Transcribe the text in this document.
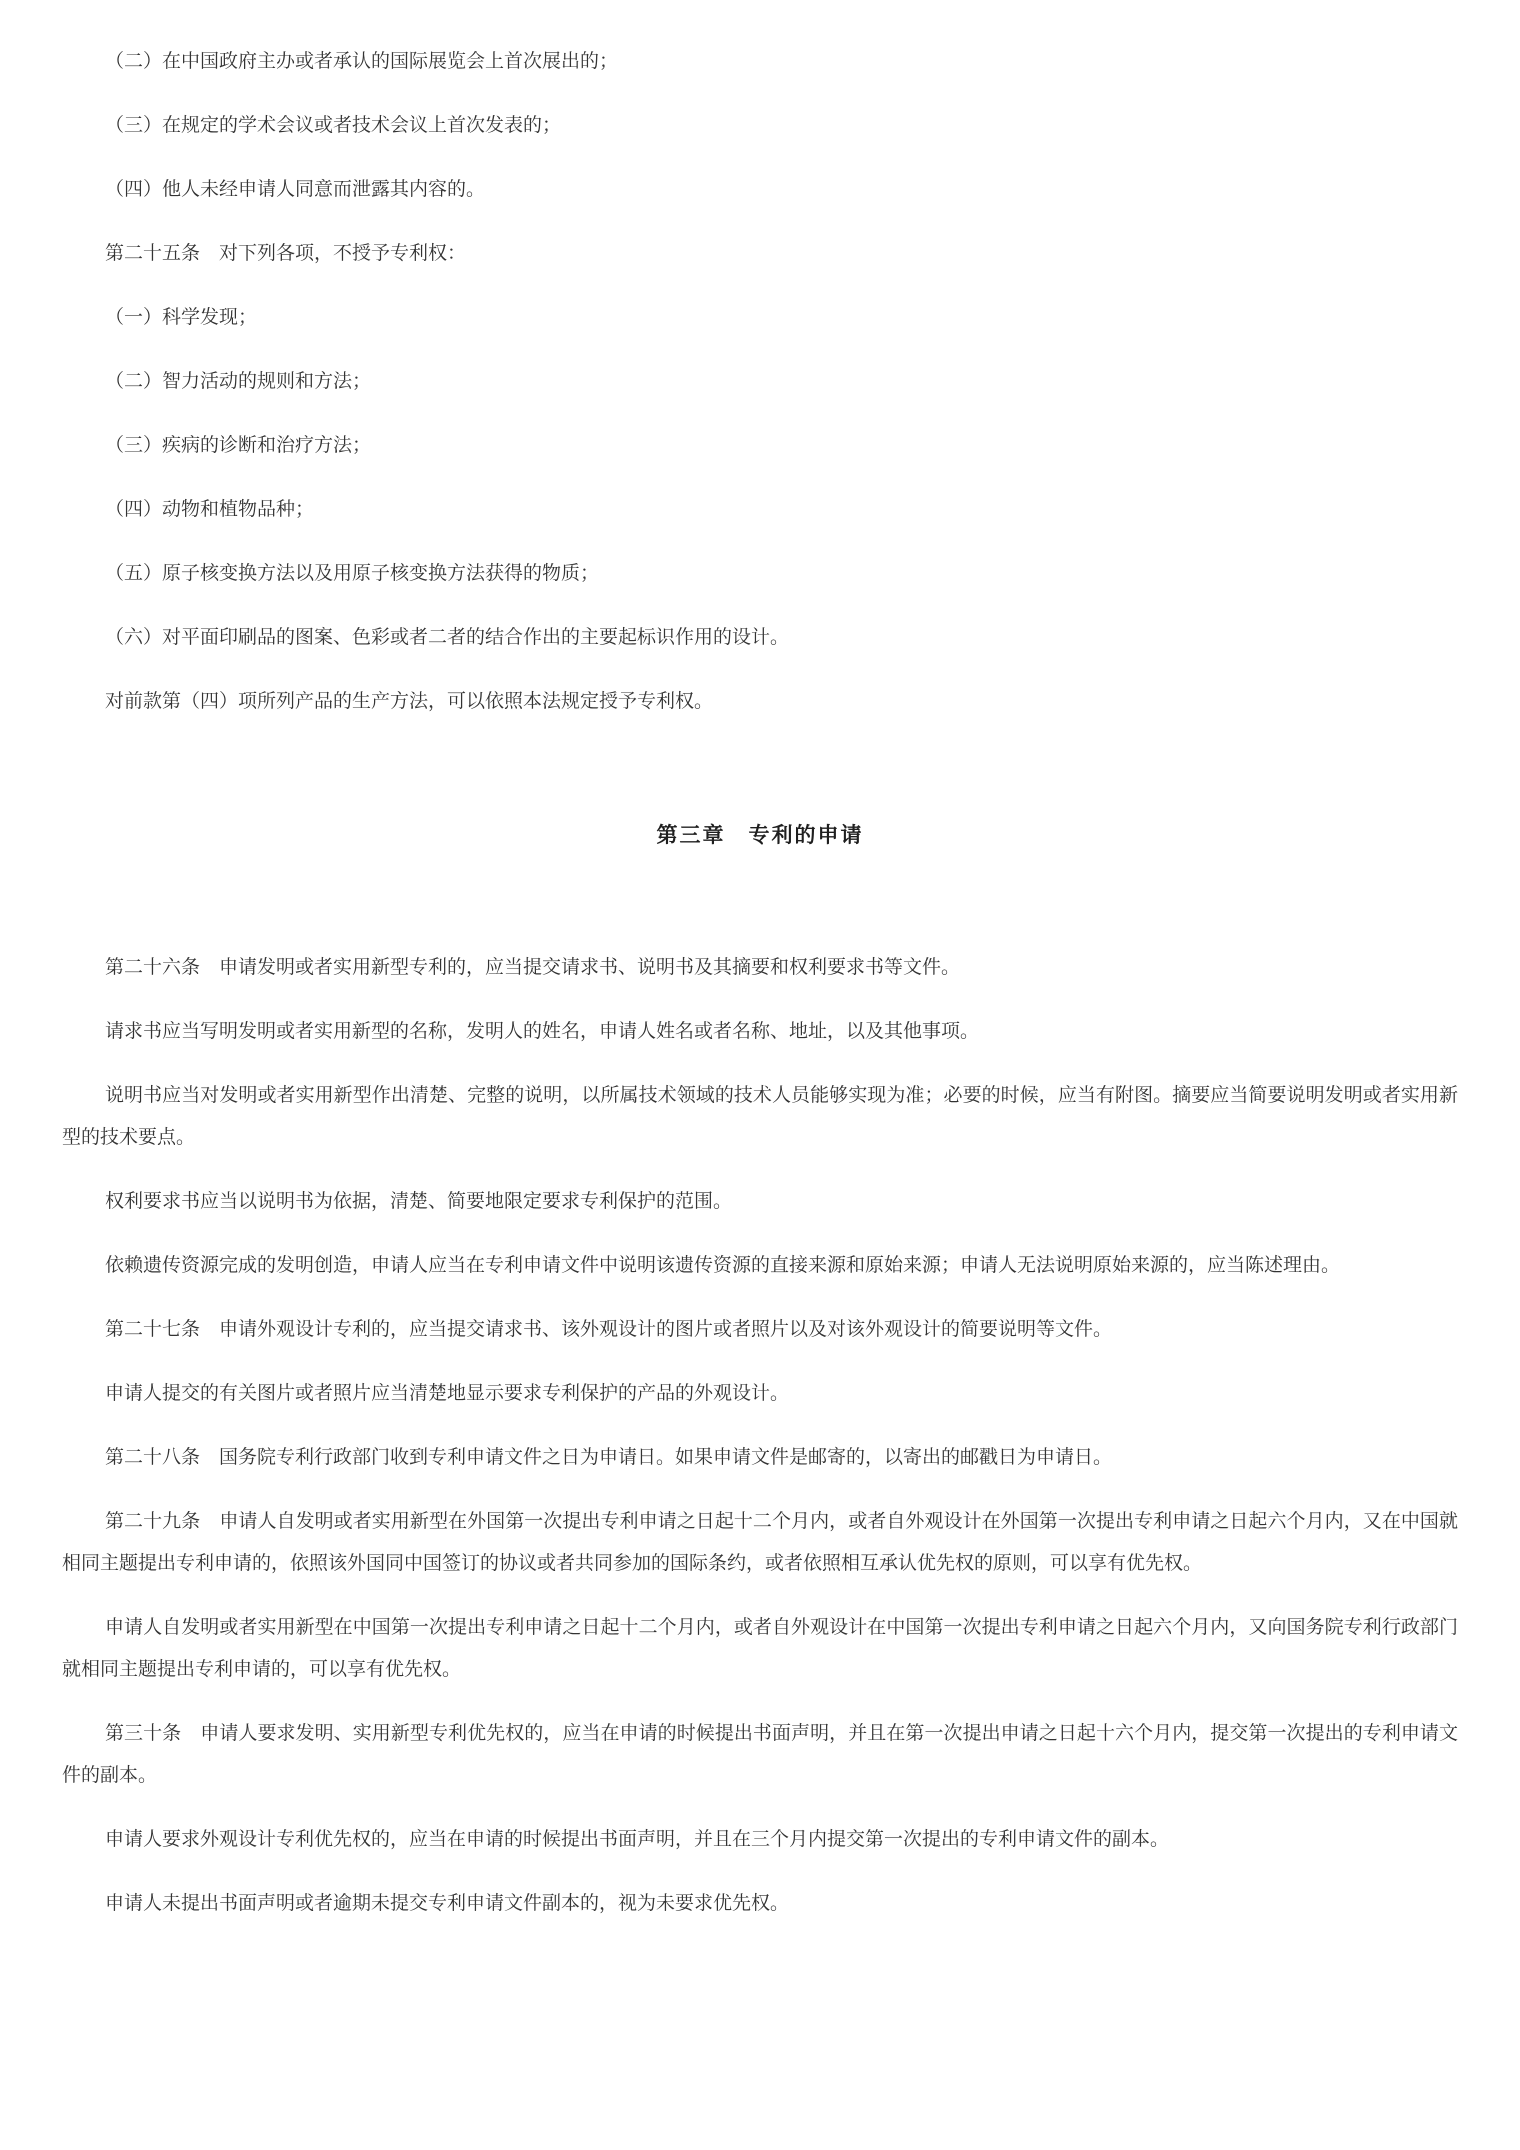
（二）在中国政府主办或者承认的国际展览会上首次展出的；

（三）在规定的学术会议或者技术会议上首次发表的；

（四）他人未经申请人同意而泄露其内容的。

第二十五条　对下列各项，不授予专利权：

（一）科学发现；

（二）智力活动的规则和方法；

（三）疾病的诊断和治疗方法；

（四）动物和植物品种；

（五）原子核变换方法以及用原子核变换方法获得的物质；

（六）对平面印刷品的图案、色彩或者二者的结合作出的主要起标识作用的设计。

对前款第（四）项所列产品的生产方法，可以依照本法规定授予专利权。

第三章　专利的申请

第二十六条　申请发明或者实用新型专利的，应当提交请求书、说明书及其摘要和权利要求书等文件。

请求书应当写明发明或者实用新型的名称，发明人的姓名，申请人姓名或者名称、地址，以及其他事项。

说明书应当对发明或者实用新型作出清楚、完整的说明，以所属技术领域的技术人员能够实现为准；必要的时候，应当有附图。摘要应当简要说明发明或者实用新型的技术要点。

权利要求书应当以说明书为依据，清楚、简要地限定要求专利保护的范围。

依赖遗传资源完成的发明创造，申请人应当在专利申请文件中说明该遗传资源的直接来源和原始来源；申请人无法说明原始来源的，应当陈述理由。

第二十七条　申请外观设计专利的，应当提交请求书、该外观设计的图片或者照片以及对该外观设计的简要说明等文件。

申请人提交的有关图片或者照片应当清楚地显示要求专利保护的产品的外观设计。

第二十八条　国务院专利行政部门收到专利申请文件之日为申请日。如果申请文件是邮寄的，以寄出的邮戳日为申请日。

第二十九条　申请人自发明或者实用新型在外国第一次提出专利申请之日起十二个月内，或者自外观设计在外国第一次提出专利申请之日起六个月内，又在中国就相同主题提出专利申请的，依照该外国同中国签订的协议或者共同参加的国际条约，或者依照相互承认优先权的原则，可以享有优先权。

申请人自发明或者实用新型在中国第一次提出专利申请之日起十二个月内，或者自外观设计在中国第一次提出专利申请之日起六个月内，又向国务院专利行政部门就相同主题提出专利申请的，可以享有优先权。

第三十条　申请人要求发明、实用新型专利优先权的，应当在申请的时候提出书面声明，并且在第一次提出申请之日起十六个月内，提交第一次提出的专利申请文件的副本。

申请人要求外观设计专利优先权的，应当在申请的时候提出书面声明，并且在三个月内提交第一次提出的专利申请文件的副本。

申请人未提出书面声明或者逾期未提交专利申请文件副本的，视为未要求优先权。
